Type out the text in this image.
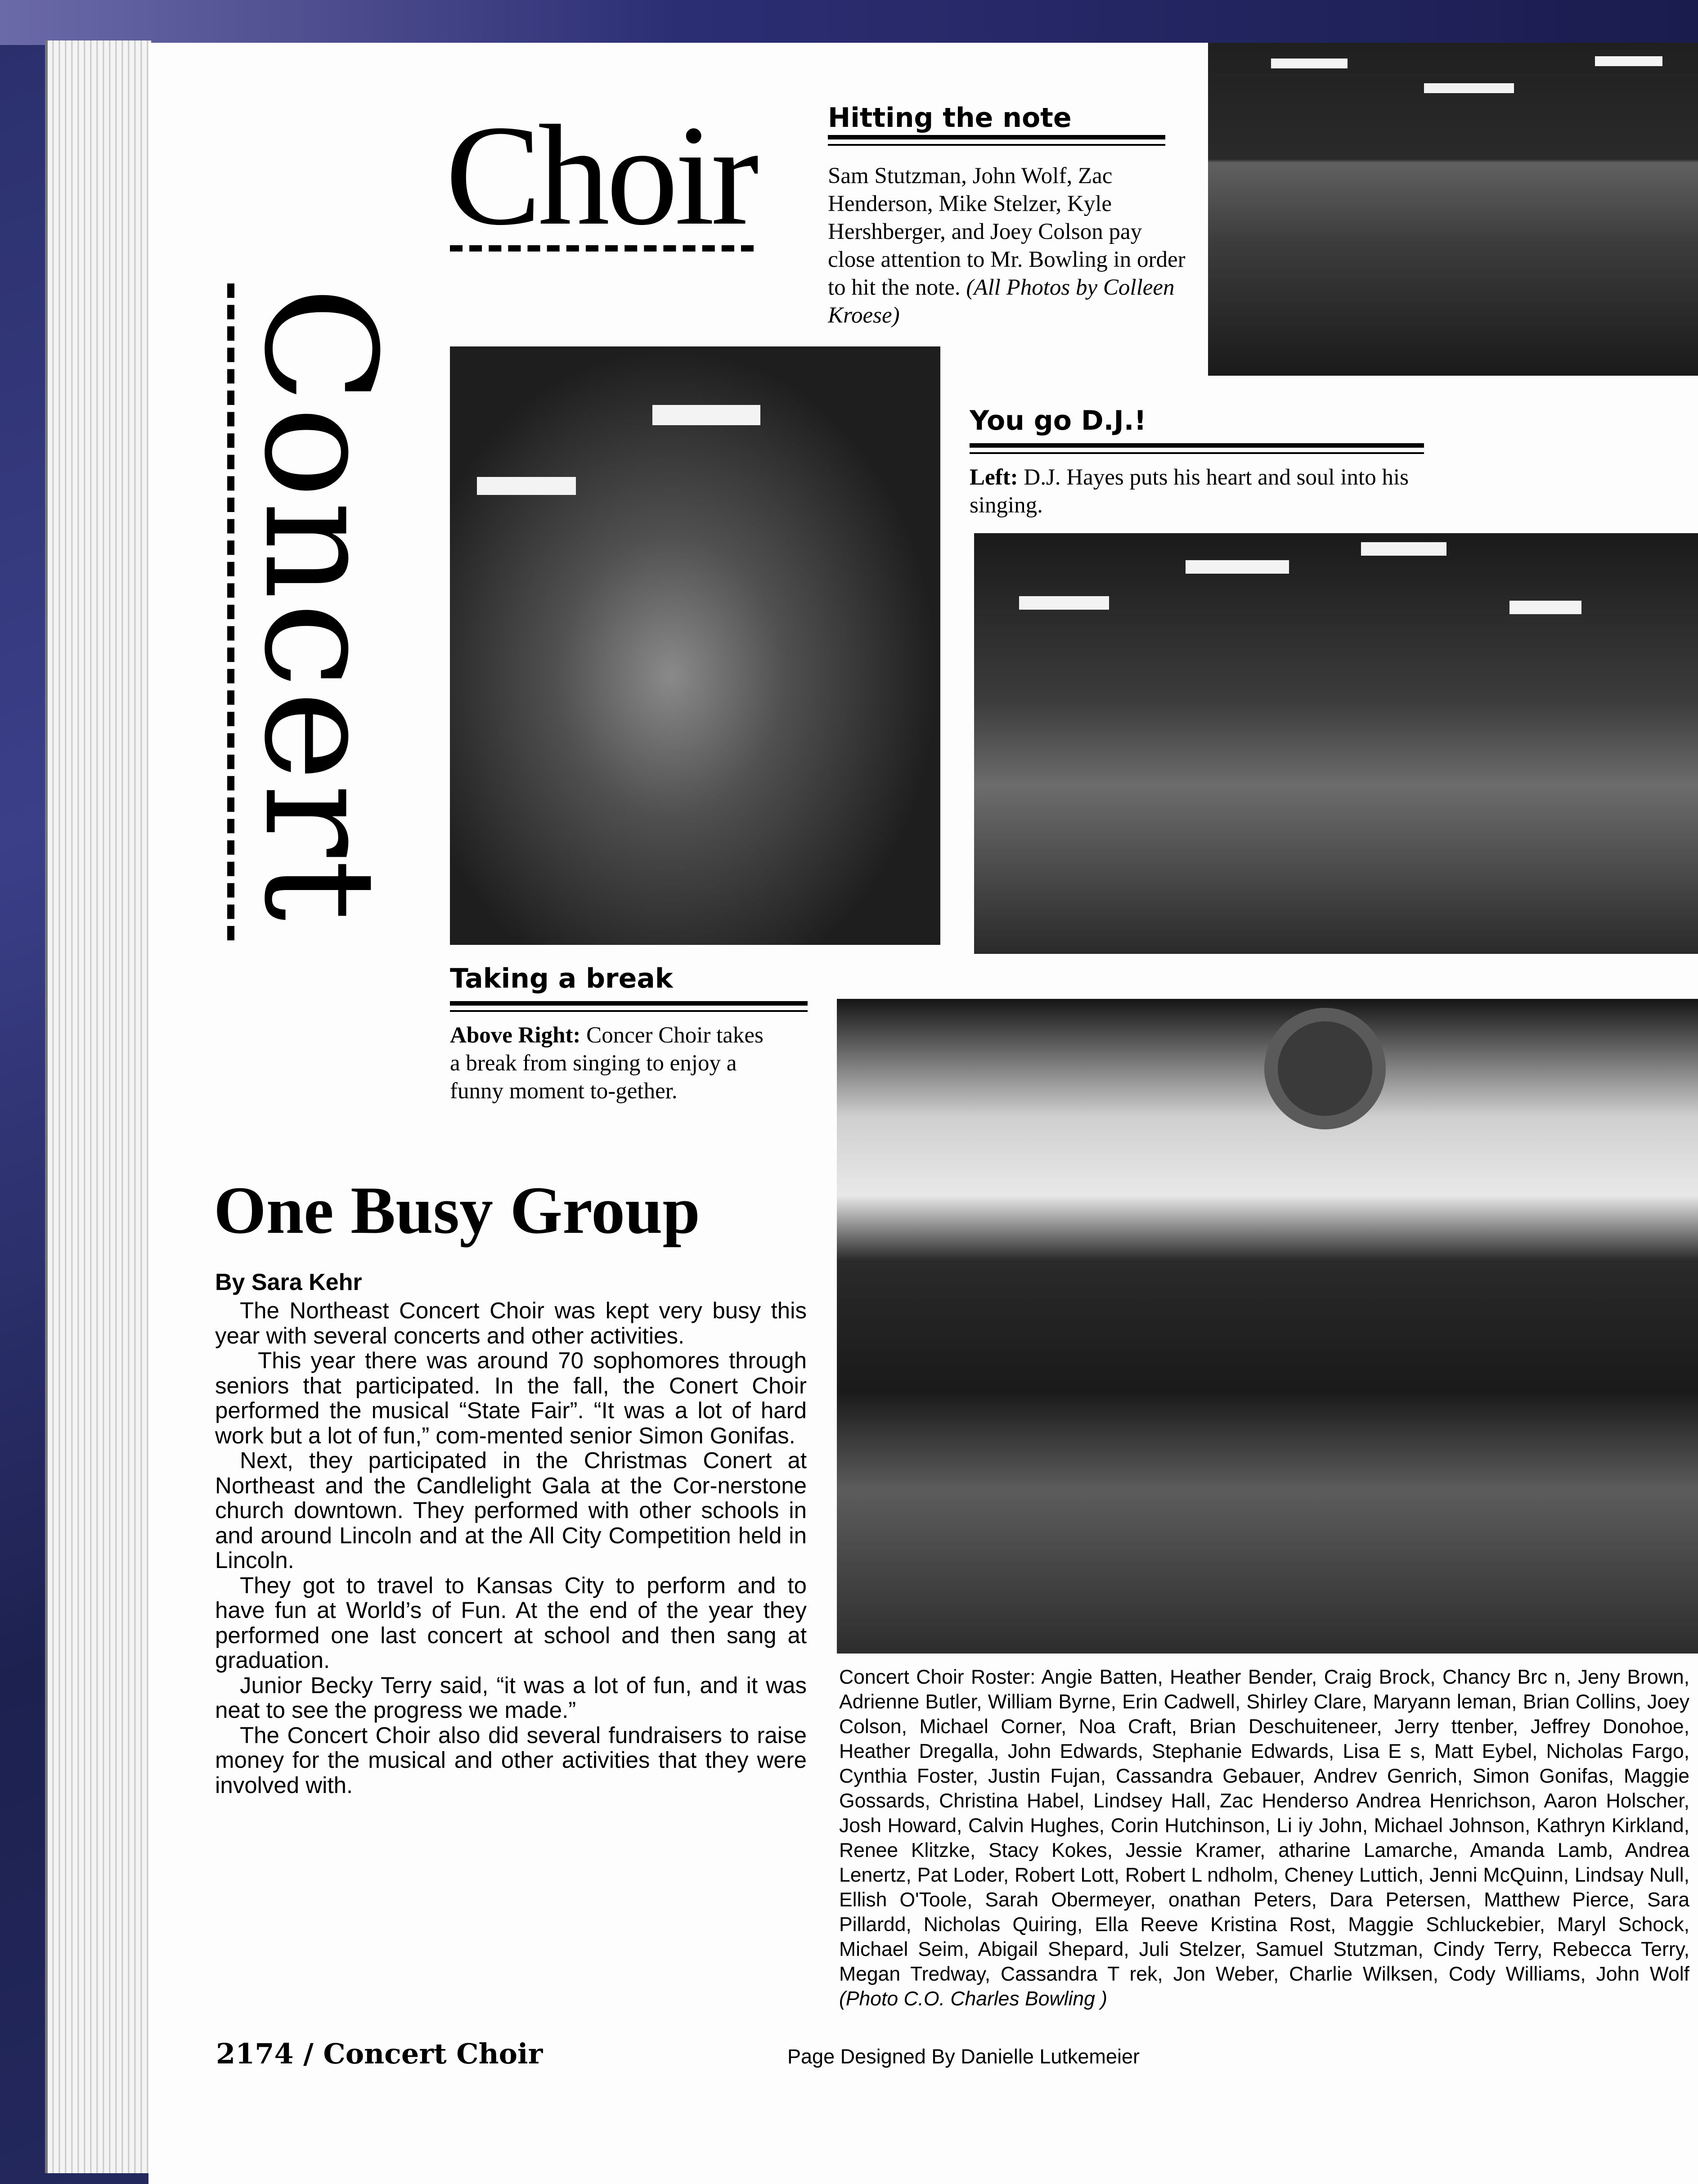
Choir
Concert
Hitting the note
Sam Stutzman, John Wolf, Zac Henderson, Mike Stelzer, Kyle Hershberger, and Joey Colson pay close attention to Mr. Bowling in order to hit the note. (All Photos by Colleen Kroese)
You go D.J.!
Left: D.J. Hayes puts his heart and soul into his singing.
Taking a break
Above Right: Concer Choir takes a break from singing to enjoy a funny moment to-gether.
One Busy Group
By Sara Kehr

The Northeast Concert Choir was kept very busy this year with several concerts and other activities.

This year there was around 70 sophomores through seniors that participated. In the fall, the Conert Choir performed the musical “State Fair”. “It was a lot of hard work but a lot of fun,” com-mented senior Simon Gonifas.

Next, they participated in the Christmas Conert at Northeast and the Candlelight Gala at the Cor-nerstone church downtown. They performed with other schools in and around Lincoln and at the All City Competition held in Lincoln.

They got to travel to Kansas City to perform and to have fun at World’s of Fun. At the end of the year they performed one last concert at school and then sang at graduation.

Junior Becky Terry said, “it was a lot of fun, and it was neat to see the progress we made.”

The Concert Choir also did several fundraisers to raise money for the musical and other activities that they were involved with.

Concert Choir Roster: Angie Batten, Heather Bender, Craig Brock, Chancy Brc n, Jeny Brown, Adrienne Butler, William Byrne, Erin Cadwell, Shirley Clare, Maryann leman, Brian Collins, Joey Colson, Michael Corner, Noa Craft, Brian Deschuiteneer, Jerry ttenber, Jeffrey Donohoe, Heather Dregalla, John Edwards, Stephanie Edwards, Lisa E s, Matt Eybel, Nicholas Fargo, Cynthia Foster, Justin Fujan, Cassandra Gebauer, Andrev Genrich, Simon Gonifas, Maggie Gossards, Christina Habel, Lindsey Hall, Zac Henderso Andrea Henrichson, Aaron Holscher, Josh Howard, Calvin Hughes, Corin Hutchinson, Li iy John, Michael Johnson, Kathryn Kirkland, Renee Klitzke, Stacy Kokes, Jessie Kramer, atharine Lamarche, Amanda Lamb, Andrea Lenertz, Pat Loder, Robert Lott, Robert L ndholm, Cheney Luttich, Jenni McQuinn, Lindsay Null, Ellish O'Toole, Sarah Obermeyer, onathan Peters, Dara Petersen, Matthew Pierce, Sara Pillardd, Nicholas Quiring, Ella Reeve Kristina Rost, Maggie Schluckebier, Maryl Schock, Michael Seim, Abigail Shepard, Juli Stelzer, Samuel Stutzman, Cindy Terry, Rebecca Terry, Megan Tredway, Cassandra T rek, Jon Weber, Charlie Wilksen, Cody Williams, John Wolf (Photo C.O. Charles Bowling )
2174 / Concert Choir	Page Designed By Danielle Lutkemeier
